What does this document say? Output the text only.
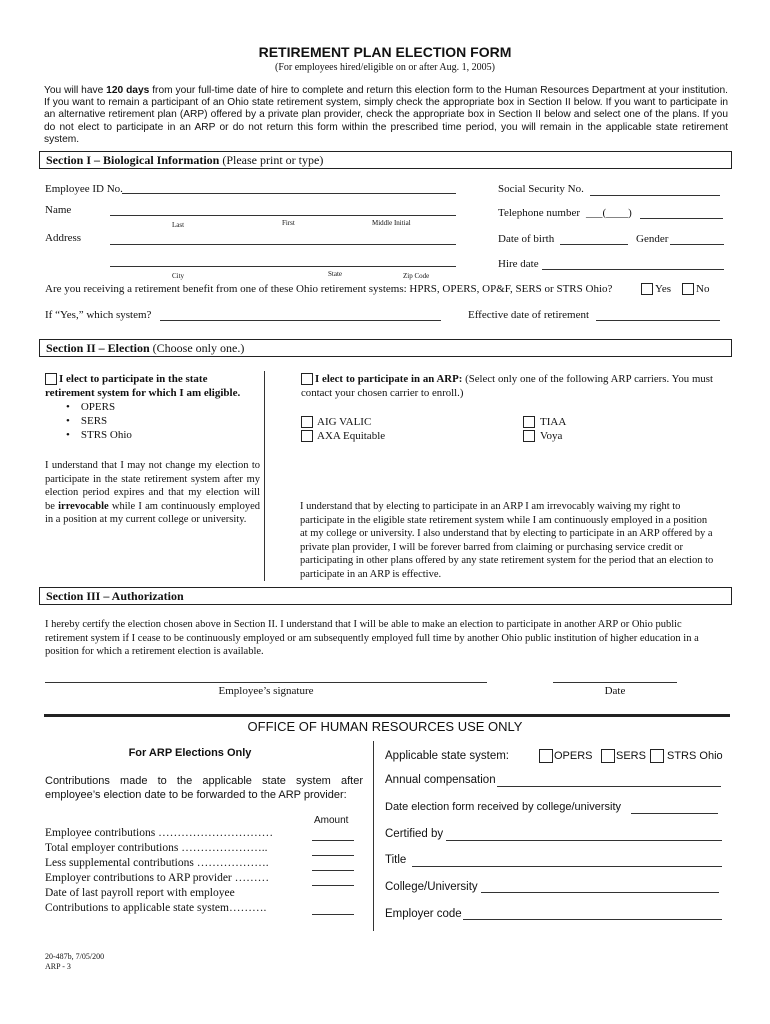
RETIREMENT PLAN ELECTION FORM
(For employees hired/eligible on or after Aug. 1, 2005)
You will have 120 days from your full-time date of hire to complete and return this election form to the Human Resources Department at your institution. If you want to remain a participant of an Ohio state retirement system, simply check the appropriate box in Section II below. If you want to participate in an alternative retirement plan (ARP) offered by a private plan provider, check the appropriate box in Section II below and select one of the plans. If you do not elect to participate in an ARP or do not return this form within the prescribed time period, you will remain in the applicable state retirement system.
Section I – Biological Information (Please print or type)
Employee ID No.
Name
Last	First	Middle Initial
Address
City	State	Zip Code
Social Security No.
Telephone number ___(____)
Date of birth	Gender
Hire date
Are you receiving a retirement benefit from one of these Ohio retirement systems: HPRS, OPERS, OP&F, SERS or STRS Ohio?	Yes No
If “Yes,” which system?	Effective date of retirement
Section II – Election (Choose only one.)
I elect to participate in the state
retirement system for which I am eligible.
•    OPERS
•    SERS
•    STRS Ohio
I understand that I may not change my election to participate in the state retirement system after my election period expires and that my election will be irrevocable while I am continuously employed in a position at my current college or university.
I elect to participate in an ARP: (Select only one of the following ARP carriers. You must contact your chosen carrier to enroll.)
AIG VALIC
AXA Equitable
TIAA
Voya
I understand that by electing to participate in an ARP I am irrevocably waiving my right to participate in the eligible state retirement system while I am continuously employed in a position at my college or university. I also understand that by electing to participate in an ARP offered by a private plan provider, I will be forever barred from claiming or purchasing service credit or participating in other plans offered by any state retirement system for the period that an election to participate in an ARP is effective.
Section III – Authorization
I hereby certify the election chosen above in Section II. I understand that I will be able to make an election to participate in another ARP or Ohio public retirement system if I cease to be continuously employed or am subsequently employed full time by another Ohio public institution of higher education in a position for which a retirement election is available.
Employee’s signature	Date
OFFICE OF HUMAN RESOURCES USE ONLY
For ARP Elections Only
Contributions made to the applicable state system after employee’s election date to be forwarded to the ARP provider:
Amount
Employee contributions …………………………
Total employer contributions …………………..
Less supplemental contributions ……………….
Employer contributions to ARP provider ………
Date of last payroll report with employee
Contributions to applicable state system……….
Applicable state system:	OPERS SERS STRS Ohio
Annual compensation
Date election form received by college/university
Certified by
Title
College/University
Employer code
20-487b, 7/05/200
ARP - 3
